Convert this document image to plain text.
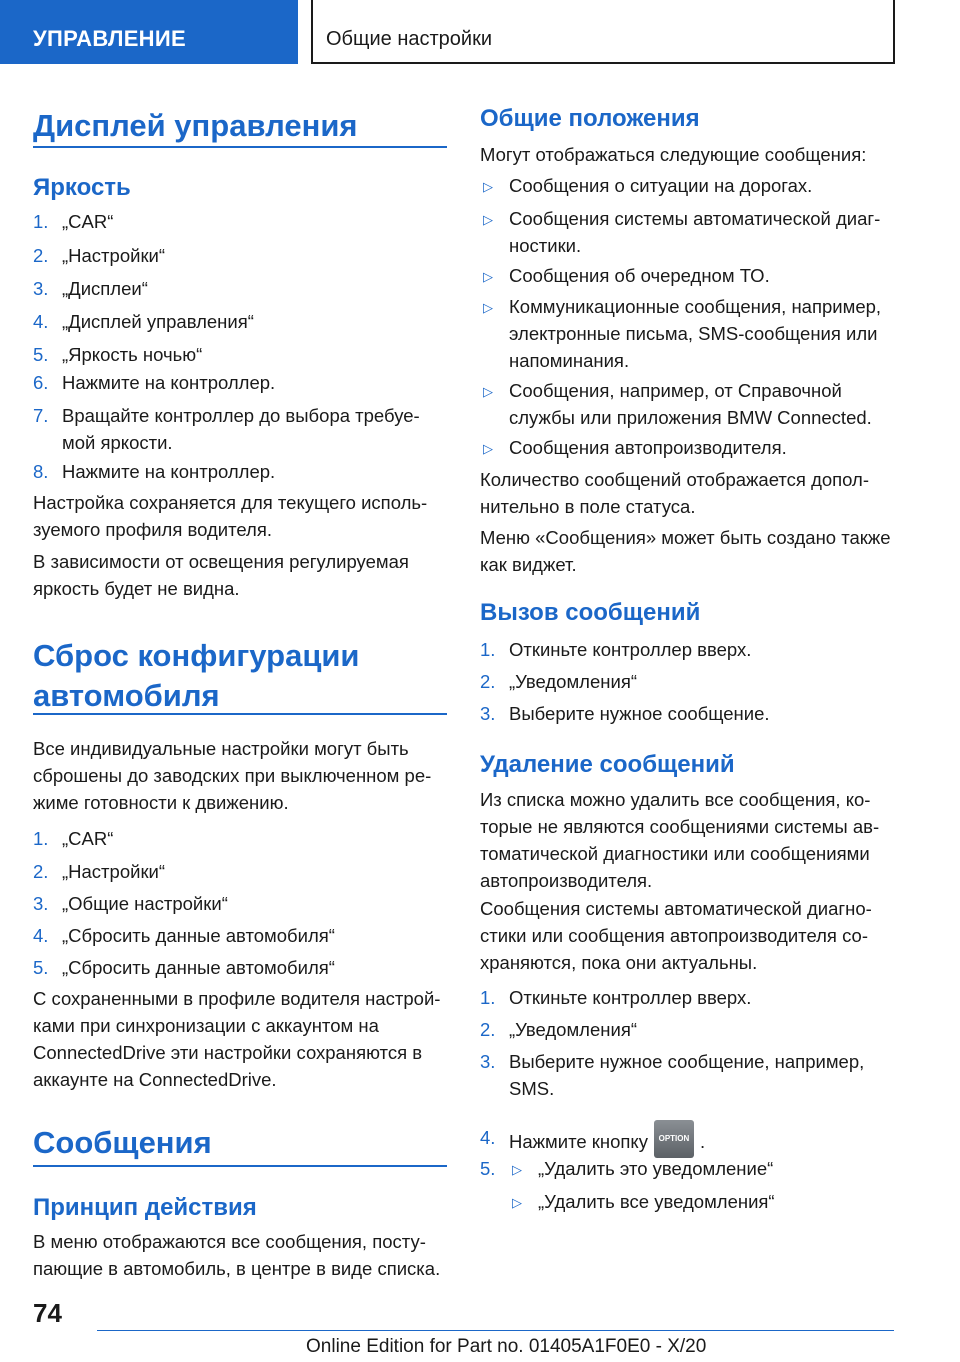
УПРАВЛЕНИЕ	Общие настройки
Дисплей управления
Яркость
1. „CAR“
2. „Настройки“
3. „Дисплеи“
4. „Дисплей управления“
5. „Яркость ночью“
6. Нажмите на контроллер.
7. Вращайте контроллер до выбора требуе-мой яркости.
8. Нажмите на контроллер.
Настройка сохраняется для текущего исполь-зуемого профиля водителя.
В зависимости от освещения регулируемая яркость будет не видна.
Сброс конфигурации автомобиля
Все индивидуальные настройки могут быть сброшены до заводских при выключенном ре-жиме готовности к движению.
1. „CAR“
2. „Настройки“
3. „Общие настройки“
4. „Сбросить данные автомобиля“
5. „Сбросить данные автомобиля“
С сохраненными в профиле водителя настрой-ками при синхронизации с аккаунтом на ConnectedDrive эти настройки сохраняются в аккаунте на ConnectedDrive.
Сообщения
Принцип действия
В меню отображаются все сообщения, посту-пающие в автомобиль, в центре в виде списка.
Общие положения
Могут отображаться следующие сообщения:
▷ Сообщения о ситуации на дорогах.
▷ Сообщения системы автоматической диаг-ностики.
▷ Сообщения об очередном ТО.
▷ Коммуникационные сообщения, например, электронные письма, SMS-сообщения или напоминания.
▷ Сообщения, например, от Справочной службы или приложения BMW Connected.
▷ Сообщения автопроизводителя.
Количество сообщений отображается допол-нительно в поле статуса.
Меню «Сообщения» может быть создано также как виджет.
Вызов сообщений
1. Откиньте контроллер вверх.
2. „Уведомления“
3. Выберите нужное сообщение.
Удаление сообщений
Из списка можно удалить все сообщения, ко-торые не являются сообщениями системы ав-томатической диагностики или сообщениями автопроизводителя.
Сообщения системы автоматической диагно-стики или сообщения автопроизводителя со-храняются, пока они актуальны.
1. Откиньте контроллер вверх.
2. „Уведомления“
3. Выберите нужное сообщение, например, SMS.
4. Нажмите кнопку OPTION .
5. ▷ „Удалить это уведомление“
▷ „Удалить все уведомления“
74
Online Edition for Part no. 01405A1F0E0 - X/20
